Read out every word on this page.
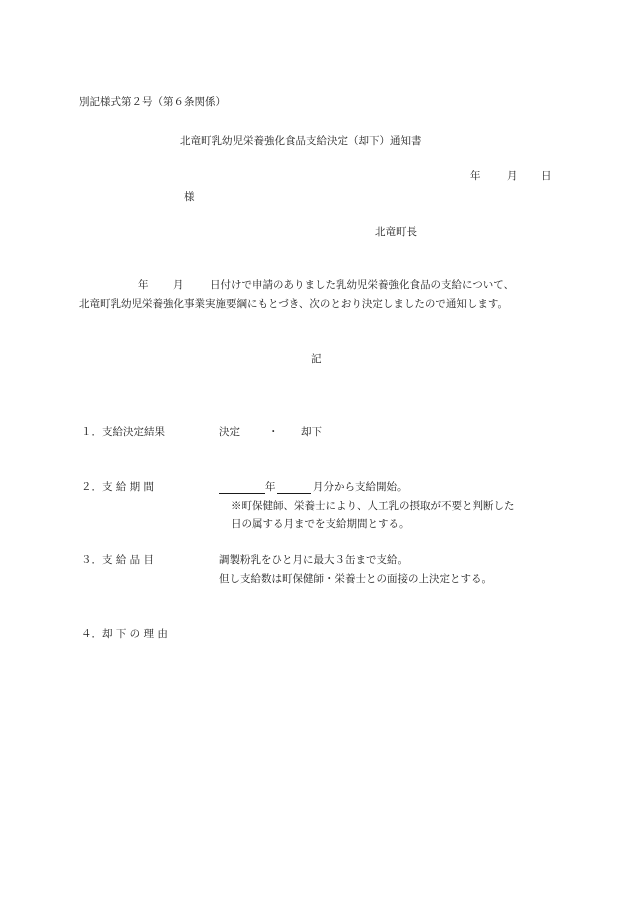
別記様式第２号（第６条関係）
北竜町乳幼児栄養強化食品支給決定（却下）通知書
年	月 日
様
北竜町長
年 月	日付けで申請のありました乳幼児栄養強化食品の支給について、
北竜町乳幼児栄養強化事業実施要綱にもとづき、次のとおり決定しましたので通知します。
記
１．支給決定結果	決定	・ 却下
２．支 給 期 間	年	月分から支給開始。
※町保健師、栄養士により、人工乳の摂取が不要と判断した
日の属する月までを支給期間とする。
３．支 給 品 目	調製粉乳をひと月に最大３缶まで支給。
但し支給数は町保健師・栄養士との面接の上決定とする。
４．却 下 の 理 由
